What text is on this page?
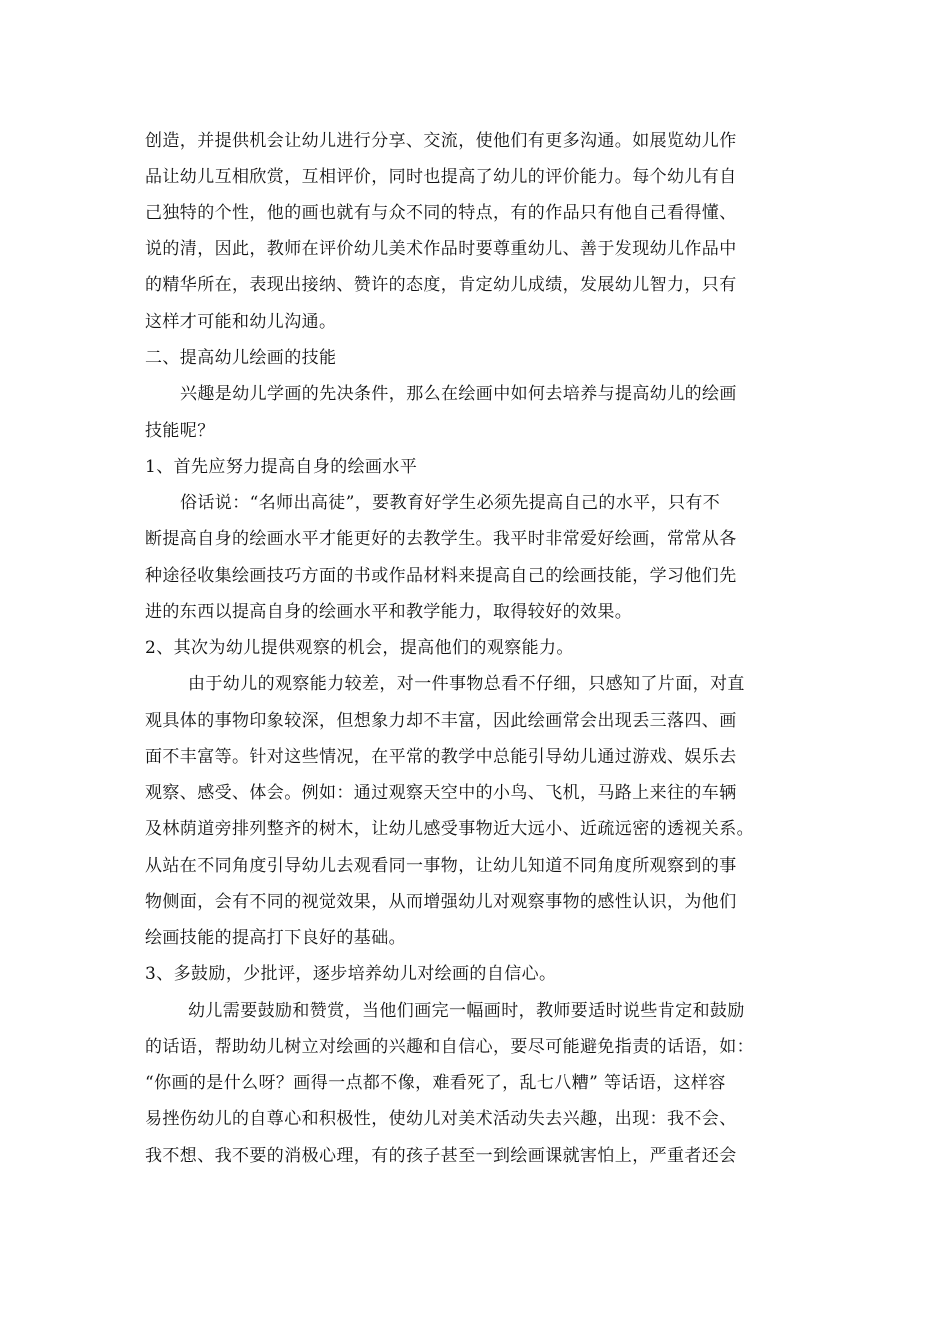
创造，并提供机会让幼儿进行分享、交流，使他们有更多沟通。如展览幼儿作
品让幼儿互相欣赏，互相评价，同时也提高了幼儿的评价能力。每个幼儿有自
己独特的个性，他的画也就有与众不同的特点，有的作品只有他自己看得懂、
说的清，因此，教师在评价幼儿美术作品时要尊重幼儿、善于发现幼儿作品中
的精华所在，表现出接纳、赞许的态度，肯定幼儿成绩，发展幼儿智力，只有
这样才可能和幼儿沟通。
二、提高幼儿绘画的技能
兴趣是幼儿学画的先决条件，那么在绘画中如何去培养与提高幼儿的绘画
技能呢？
1、首先应努力提高自身的绘画水平
俗话说：“名师出高徒”，要教育好学生必须先提高自己的水平，只有不
断提高自身的绘画水平才能更好的去教学生。我平时非常爱好绘画，常常从各
种途径收集绘画技巧方面的书或作品材料来提高自己的绘画技能，学习他们先
进的东西以提高自身的绘画水平和教学能力，取得较好的效果。
2、其次为幼儿提供观察的机会，提高他们的观察能力。
由于幼儿的观察能力较差，对一件事物总看不仔细，只感知了片面，对直
观具体的事物印象较深，但想象力却不丰富，因此绘画常会出现丢三落四、画
面不丰富等。针对这些情况，在平常的教学中总能引导幼儿通过游戏、娱乐去
观察、感受、体会。例如：通过观察天空中的小鸟、飞机，马路上来往的车辆
及林荫道旁排列整齐的树木，让幼儿感受事物近大远小、近疏远密的透视关系。
从站在不同角度引导幼儿去观看同一事物，让幼儿知道不同角度所观察到的事
物侧面，会有不同的视觉效果，从而增强幼儿对观察事物的感性认识，为他们
绘画技能的提高打下良好的基础。
3、多鼓励，少批评，逐步培养幼儿对绘画的自信心。
幼儿需要鼓励和赞赏，当他们画完一幅画时，教师要适时说些肯定和鼓励
的话语，帮助幼儿树立对绘画的兴趣和自信心，要尽可能避免指责的话语，如：
“你画的是什么呀？画得一点都不像，难看死了，乱七八糟” 等话语，这样容
易挫伤幼儿的自尊心和积极性，使幼儿对美术活动失去兴趣，出现：我不会、
我不想、我不要的消极心理，有的孩子甚至一到绘画课就害怕上，严重者还会
